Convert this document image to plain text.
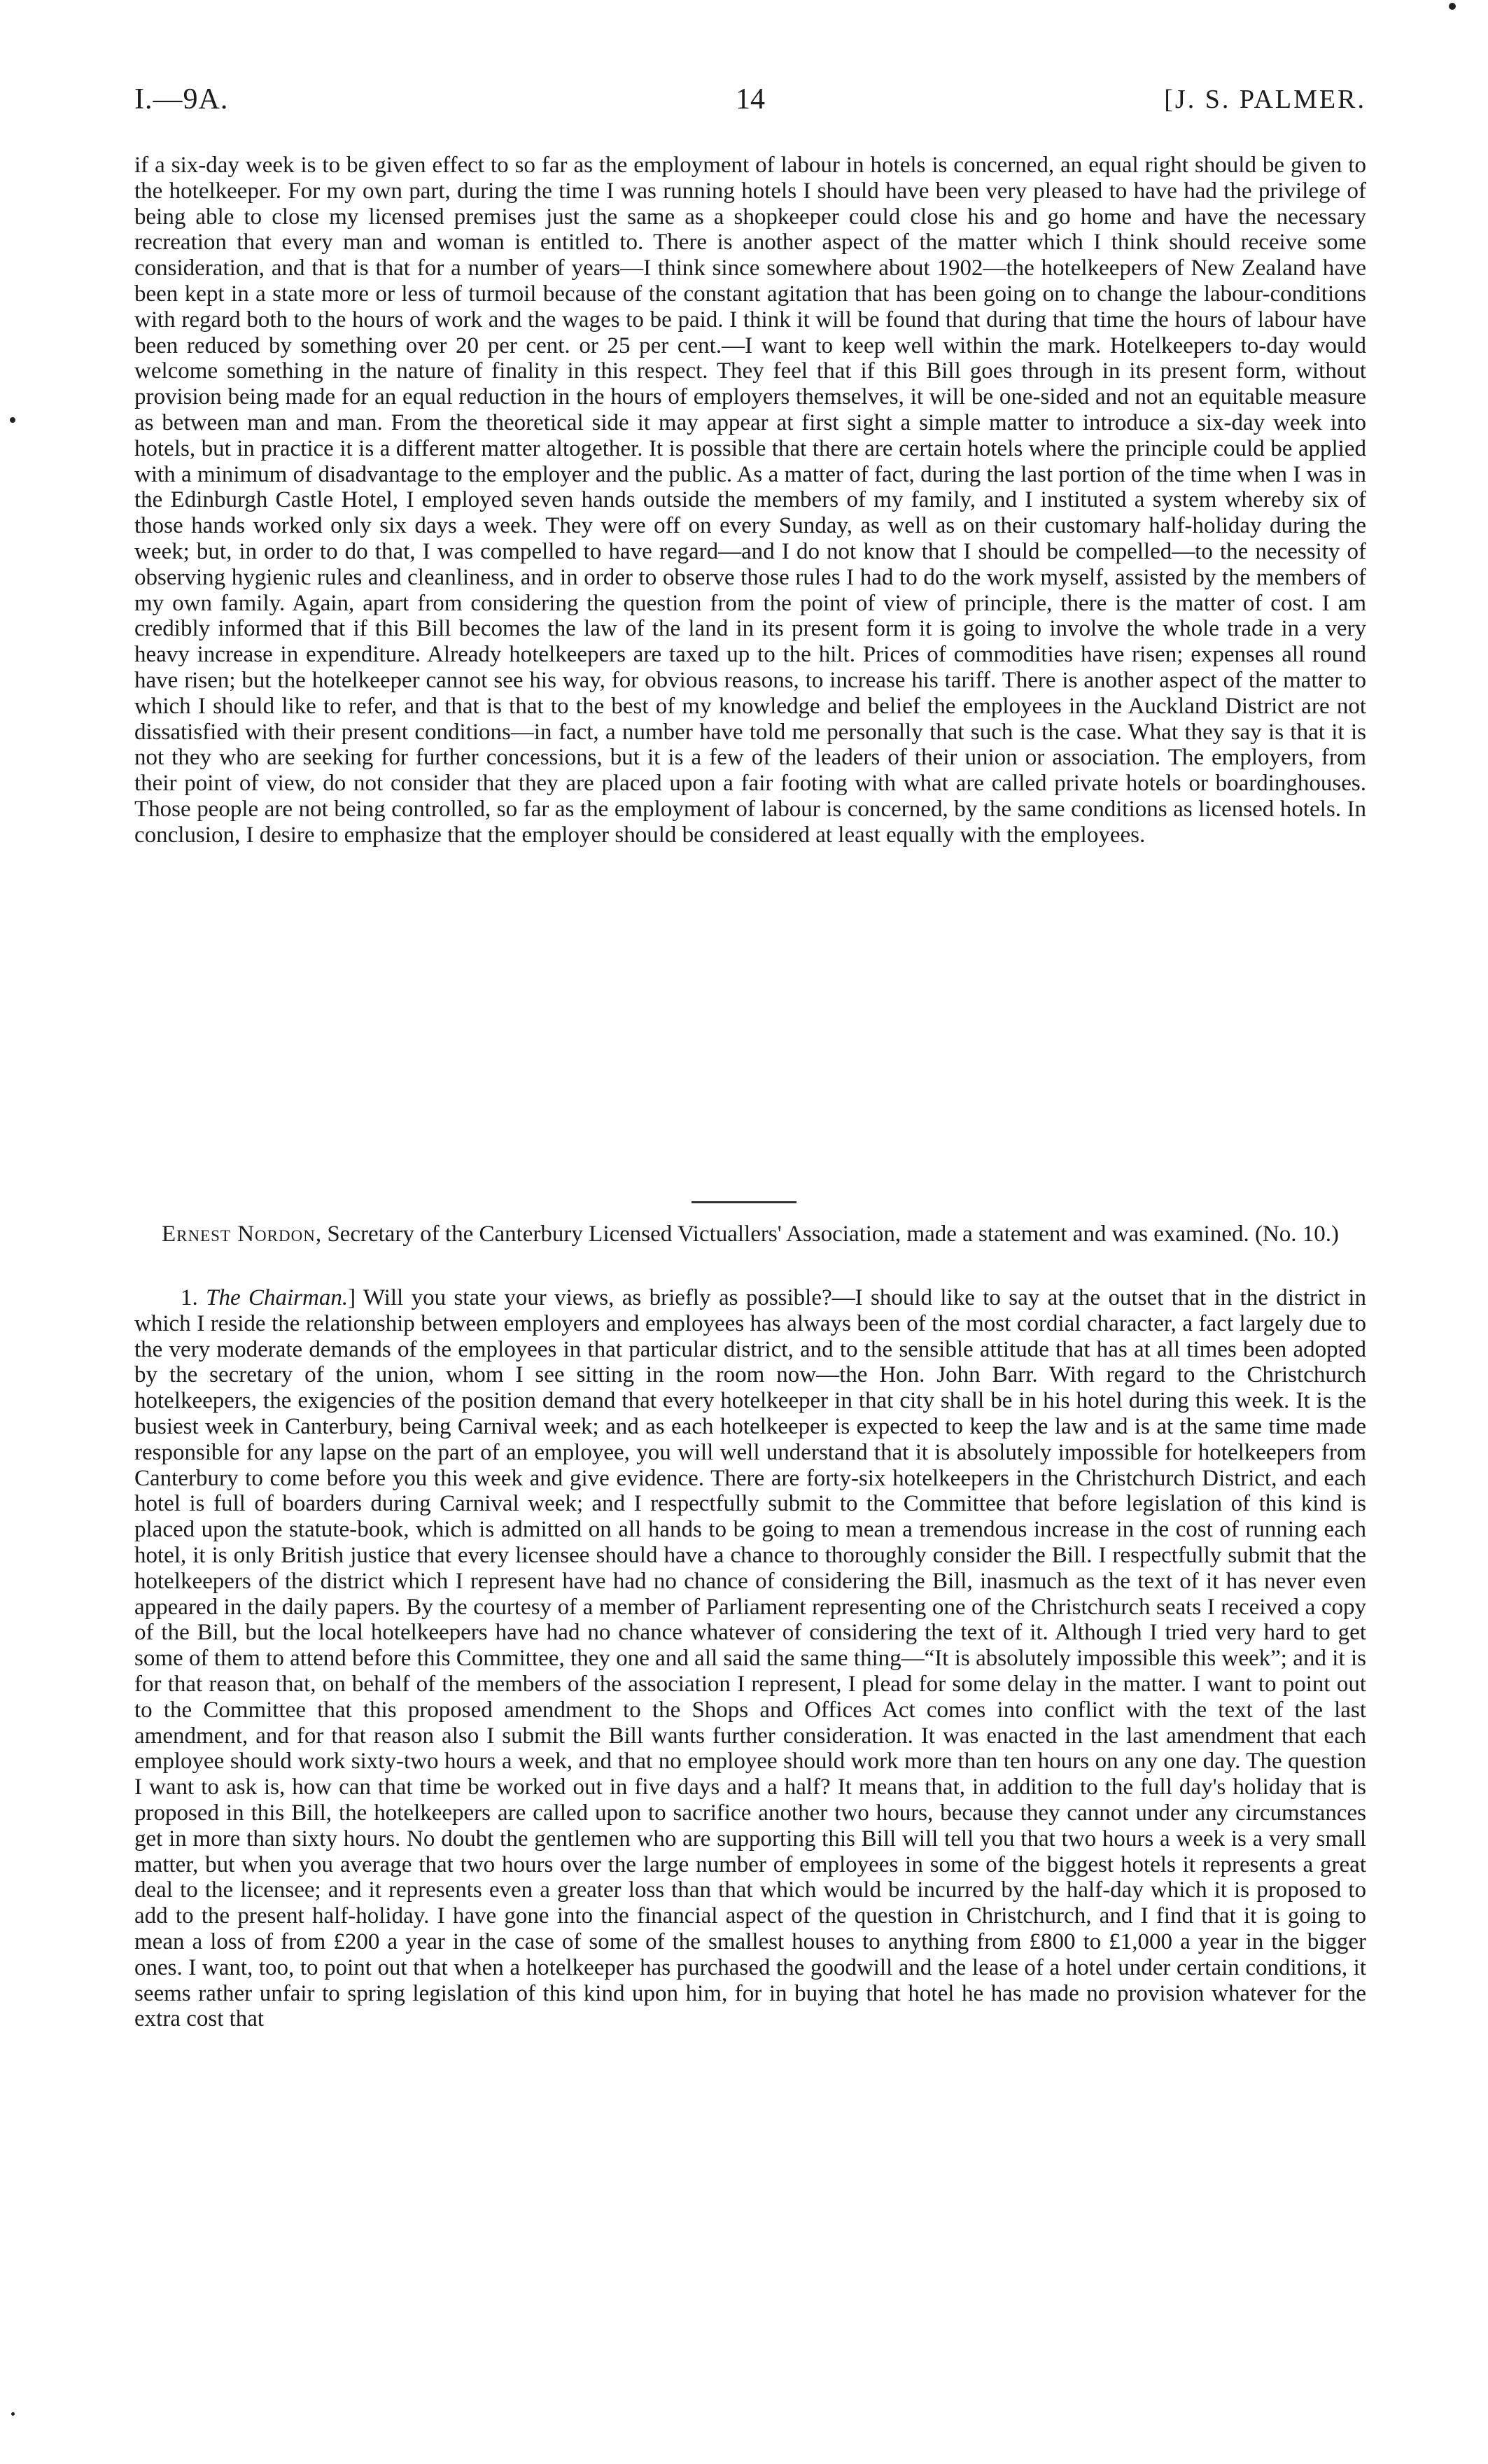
I.—9A.	14	[J. S. PALMER.

if a six-day week is to be given effect to so far as the employment of labour in hotels is concerned, an equal right should be given to the hotelkeeper. For my own part, during the time I was running hotels I should have been very pleased to have had the privilege of being able to close my licensed premises just the same as a shopkeeper could close his and go home and have the necessary recreation that every man and woman is entitled to. There is another aspect of the matter which I think should receive some consideration, and that is that for a number of years—I think since somewhere about 1902—the hotelkeepers of New Zealand have been kept in a state more or less of turmoil because of the constant agitation that has been going on to change the labour-conditions with regard both to the hours of work and the wages to be paid. I think it will be found that during that time the hours of labour have been reduced by something over 20 per cent. or 25 per cent.—I want to keep well within the mark. Hotelkeepers to-day would welcome something in the nature of finality in this respect. They feel that if this Bill goes through in its present form, without provision being made for an equal reduction in the hours of employers themselves, it will be one-sided and not an equitable measure as between man and man. From the theoretical side it may appear at first sight a simple matter to introduce a six-day week into hotels, but in practice it is a different matter altogether. It is possible that there are certain hotels where the principle could be applied with a minimum of disadvantage to the employer and the public. As a matter of fact, during the last portion of the time when I was in the Edinburgh Castle Hotel, I employed seven hands outside the members of my family, and I instituted a system whereby six of those hands worked only six days a week. They were off on every Sunday, as well as on their customary half-holiday during the week; but, in order to do that, I was compelled to have regard—and I do not know that I should be compelled—to the necessity of observing hygienic rules and cleanliness, and in order to observe those rules I had to do the work myself, assisted by the members of my own family. Again, apart from considering the question from the point of view of principle, there is the matter of cost. I am credibly informed that if this Bill becomes the law of the land in its present form it is going to involve the whole trade in a very heavy increase in expenditure. Already hotelkeepers are taxed up to the hilt. Prices of commodities have risen; expenses all round have risen; but the hotelkeeper cannot see his way, for obvious reasons, to increase his tariff. There is another aspect of the matter to which I should like to refer, and that is that to the best of my knowledge and belief the employees in the Auckland District are not dissatisfied with their present conditions—in fact, a number have told me personally that such is the case. What they say is that it is not they who are seeking for further concessions, but it is a few of the leaders of their union or association. The employers, from their point of view, do not consider that they are placed upon a fair footing with what are called private hotels or boardinghouses. Those people are not being controlled, so far as the employment of labour is concerned, by the same conditions as licensed hotels. In conclusion, I desire to emphasize that the employer should be considered at least equally with the employees.

Ernest Nordon, Secretary of the Canterbury Licensed Victuallers' Association, made a statement and was examined. (No. 10.)

1. The Chairman.] Will you state your views, as briefly as possible?—I should like to say at the outset that in the district in which I reside the relationship between employers and employees has always been of the most cordial character, a fact largely due to the very moderate demands of the employees in that particular district, and to the sensible attitude that has at all times been adopted by the secretary of the union, whom I see sitting in the room now—the Hon. John Barr. With regard to the Christchurch hotelkeepers, the exigencies of the position demand that every hotelkeeper in that city shall be in his hotel during this week. It is the busiest week in Canterbury, being Carnival week; and as each hotelkeeper is expected to keep the law and is at the same time made responsible for any lapse on the part of an employee, you will well understand that it is absolutely impossible for hotelkeepers from Canterbury to come before you this week and give evidence. There are forty-six hotelkeepers in the Christchurch District, and each hotel is full of boarders during Carnival week; and I respectfully submit to the Committee that before legislation of this kind is placed upon the statute-book, which is admitted on all hands to be going to mean a tremendous increase in the cost of running each hotel, it is only British justice that every licensee should have a chance to thoroughly consider the Bill. I respectfully submit that the hotelkeepers of the district which I represent have had no chance of considering the Bill, inasmuch as the text of it has never even appeared in the daily papers. By the courtesy of a member of Parliament representing one of the Christchurch seats I received a copy of the Bill, but the local hotelkeepers have had no chance whatever of considering the text of it. Although I tried very hard to get some of them to attend before this Committee, they one and all said the same thing—“It is absolutely impossible this week”; and it is for that reason that, on behalf of the members of the association I represent, I plead for some delay in the matter. I want to point out to the Committee that this proposed amendment to the Shops and Offices Act comes into conflict with the text of the last amendment, and for that reason also I submit the Bill wants further consideration. It was enacted in the last amendment that each employee should work sixty-two hours a week, and that no employee should work more than ten hours on any one day. The question I want to ask is, how can that time be worked out in five days and a half? It means that, in addition to the full day's holiday that is proposed in this Bill, the hotelkeepers are called upon to sacrifice another two hours, because they cannot under any circumstances get in more than sixty hours. No doubt the gentlemen who are supporting this Bill will tell you that two hours a week is a very small matter, but when you average that two hours over the large number of employees in some of the biggest hotels it represents a great deal to the licensee; and it represents even a greater loss than that which would be incurred by the half-day which it is proposed to add to the present half-holiday. I have gone into the financial aspect of the question in Christchurch, and I find that it is going to mean a loss of from £200 a year in the case of some of the smallest houses to anything from £800 to £1,000 a year in the bigger ones. I want, too, to point out that when a hotelkeeper has purchased the goodwill and the lease of a hotel under certain conditions, it seems rather unfair to spring legislation of this kind upon him, for in buying that hotel he has made no provision whatever for the extra cost that
